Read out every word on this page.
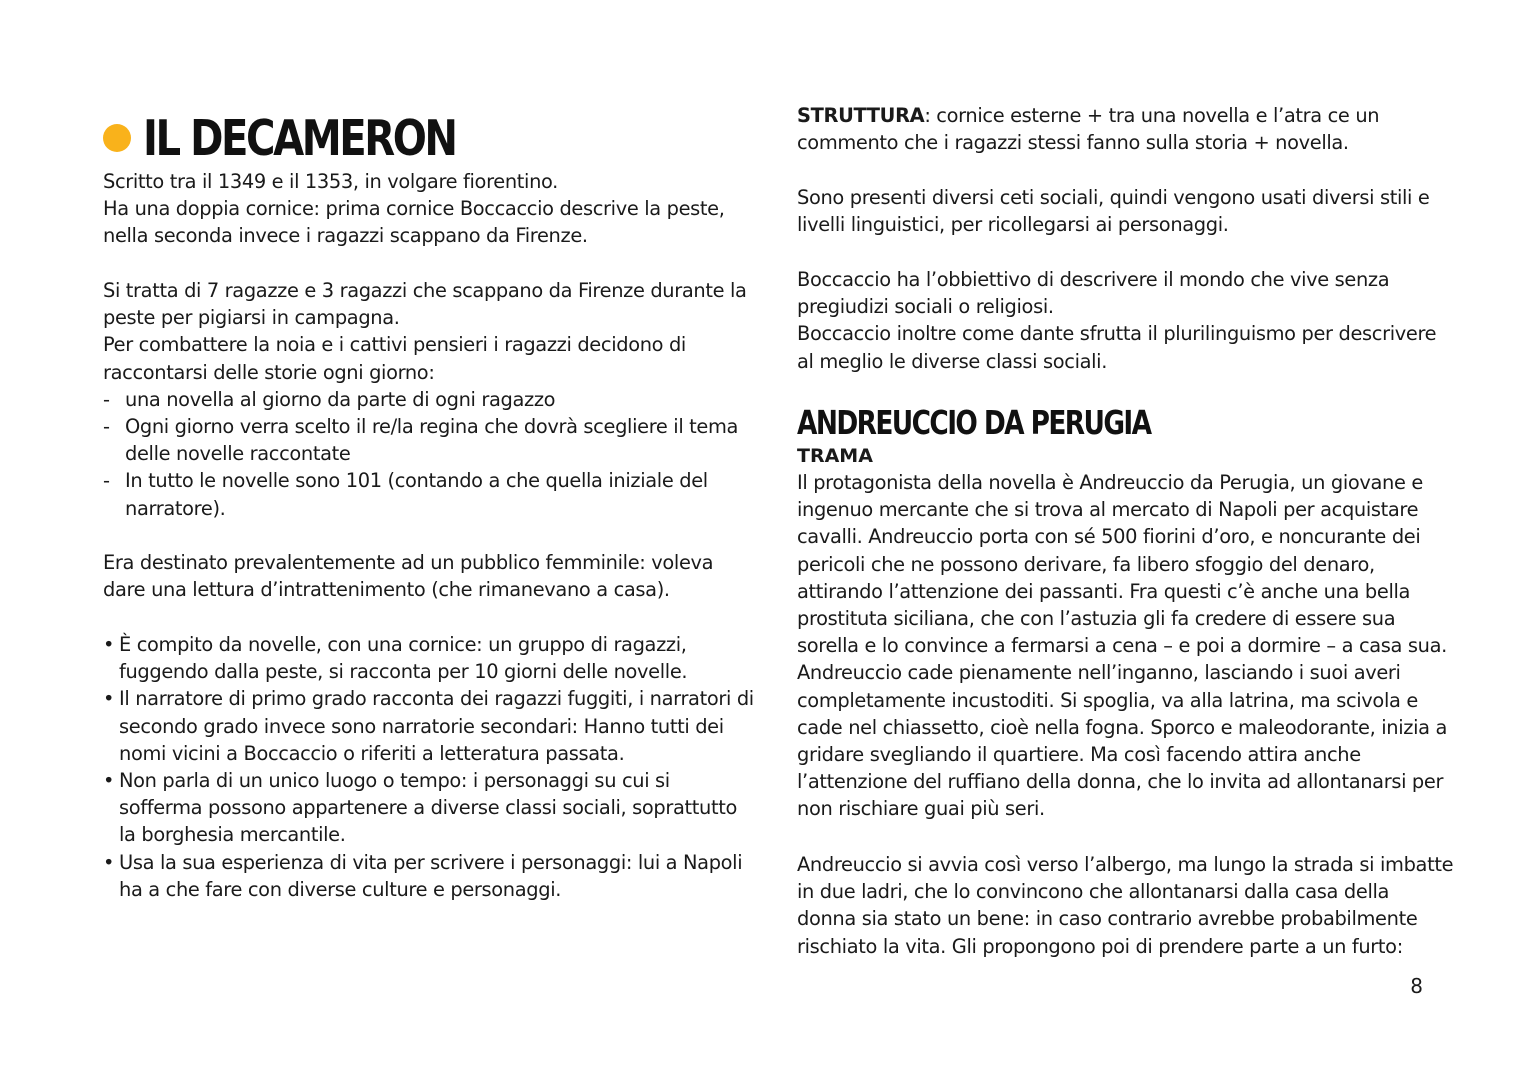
IL DECAMERON

Scritto tra il 1349 e il 1353, in volgare fiorentino.

Ha una doppia cornice: prima cornice Boccaccio descrive la peste,

nella seconda invece i ragazzi scappano da Firenze.

Si tratta di 7 ragazze e 3 ragazzi che scappano da Firenze durante la

peste per pigiarsi in campagna.

Per combattere la noia e i cattivi pensieri i ragazzi decidono di

raccontarsi delle storie ogni giorno:

- una novella al giorno da parte di ogni ragazzo
- Ogni giorno verra scelto il re/la regina che dovrà scegliere il tema
delle novelle raccontate
- In tutto le novelle sono 101 (contando a che quella iniziale del
narratore).

Era destinato prevalentemente ad un pubblico femminile: voleva

dare una lettura d’intrattenimento (che rimanevano a casa).

• È compito da novelle, con una cornice: un gruppo di ragazzi,
fuggendo dalla peste, si racconta per 10 giorni delle novelle.
• Il narratore di primo grado racconta dei ragazzi fuggiti, i narratori di
secondo grado invece sono narratorie secondari: Hanno tutti dei
nomi vicini a Boccaccio o riferiti a letteratura passata.
• Non parla di un unico luogo o tempo: i personaggi su cui si
sofferma possono appartenere a diverse classi sociali, soprattutto
la borghesia mercantile.
• Usa la sua esperienza di vita per scrivere i personaggi: lui a Napoli
ha a che fare con diverse culture e personaggi.

STRUTTURA: cornice esterne + tra una novella e l’atra ce un

commento che i ragazzi stessi fanno sulla storia + novella.

Sono presenti diversi ceti sociali, quindi vengono usati diversi stili e

livelli linguistici, per ricollegarsi ai personaggi.

Boccaccio ha l’obbiettivo di descrivere il mondo che vive senza

pregiudizi sociali o religiosi.

Boccaccio inoltre come dante sfrutta il plurilinguismo per descrivere

al meglio le diverse classi sociali.

ANDREUCCIO DA PERUGIA
TRAMA

Il protagonista della novella è Andreuccio da Perugia, un giovane e

ingenuo mercante che si trova al mercato di Napoli per acquistare

cavalli. Andreuccio porta con sé 500 fiorini d’oro, e noncurante dei

pericoli che ne possono derivare, fa libero sfoggio del denaro,

attirando l’attenzione dei passanti. Fra questi c’è anche una bella

prostituta siciliana, che con l’astuzia gli fa credere di essere sua

sorella e lo convince a fermarsi a cena – e poi a dormire – a casa sua.

Andreuccio cade pienamente nell’inganno, lasciando i suoi averi

completamente incustoditi. Si spoglia, va alla latrina, ma scivola e

cade nel chiassetto, cioè nella fogna. Sporco e maleodorante, inizia a

gridare svegliando il quartiere. Ma così facendo attira anche

l’attenzione del ruffiano della donna, che lo invita ad allontanarsi per

non rischiare guai più seri.

Andreuccio si avvia così verso l’albergo, ma lungo la strada si imbatte

in due ladri, che lo convincono che allontanarsi dalla casa della

donna sia stato un bene: in caso contrario avrebbe probabilmente

rischiato la vita. Gli propongono poi di prendere parte a un furto:

8
